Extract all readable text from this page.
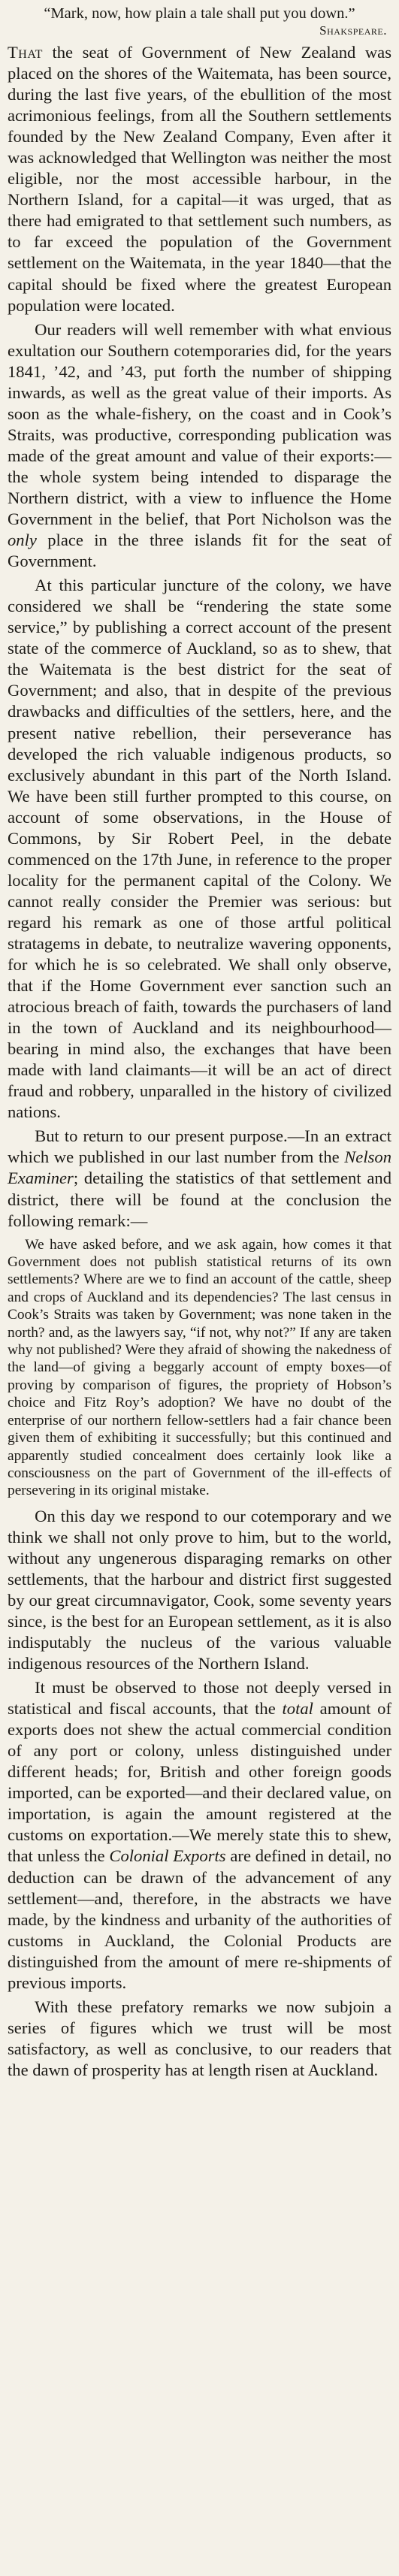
“Mark, now, how plain a tale shall put you down.”

Shakspeare.

That the seat of Government of New Zealand was placed on the shores of the Waitemata, has been source, during the last five years, of the ebullition of the most acrimonious feelings, from all the Southern settlements founded by the New Zealand Company, Even after it was acknowledged that Wellington was neither the most eligible, nor the most accessible harbour, in the Northern Island, for a capital—it was urged, that as there had emigrated to that settlement such numbers, as to far exceed the population of the Government settlement on the Waitemata, in the year 1840—that the capital should be fixed where the greatest European population were located.

Our readers will well remember with what envious exultation our Southern cotemporaries did, for the years 1841, ’42, and ’43, put forth the number of shipping inwards, as well as the great value of their imports. As soon as the whale-fishery, on the coast and in Cook’s Straits, was productive, corresponding publication was made of the great amount and value of their exports:—the whole system being intended to disparage the Northern district, with a view to influence the Home Government in the belief, that Port Nicholson was the only place in the three islands fit for the seat of Government.

At this particular juncture of the colony, we have considered we shall be “rendering the state some service,” by publishing a correct account of the present state of the commerce of Auckland, so as to shew, that the Waitemata is the best district for the seat of Government; and also, that in despite of the previous drawbacks and difficulties of the settlers, here, and the present native rebellion, their perseverance has developed the rich valuable indigenous products, so exclusively abundant in this part of the North Island. We have been still further prompted to this course, on account of some observations, in the House of Commons, by Sir Robert Peel, in the debate commenced on the 17th June, in reference to the proper locality for the permanent capital of the Colony. We cannot really consider the Premier was serious: but regard his remark as one of those artful political stratagems in debate, to neutralize wavering opponents, for which he is so celebrated. We shall only observe, that if the Home Government ever sanction such an atrocious breach of faith, towards the purchasers of land in the town of Auckland and its neighbourhood—bearing in mind also, the exchanges that have been made with land claimants—it will be an act of direct fraud and robbery, unparalled in the history of civilized nations.

But to return to our present purpose.—In an extract which we published in our last number from the Nelson Examiner; detailing the statistics of that settlement and district, there will be found at the conclusion the following remark:—

We have asked before, and we ask again, how comes it that Government does not publish statistical returns of its own settlements? Where are we to find an account of the cattle, sheep and crops of Auckland and its dependencies? The last census in Cook’s Straits was taken by Government; was none taken in the north? and, as the lawyers say, “if not, why not?” If any are taken why not published? Were they afraid of showing the nakedness of the land—of giving a beggarly account of empty boxes—of proving by comparison of figures, the propriety of Hobson’s choice and Fitz Roy’s adoption? We have no doubt of the enterprise of our northern fellow-settlers had a fair chance been given them of exhibiting it successfully; but this continued and apparently studied concealment does certainly look like a consciousness on the part of Government of the ill-effects of persevering in its original mistake.

On this day we respond to our cotemporary and we think we shall not only prove to him, but to the world, without any ungenerous disparaging remarks on other settlements, that the harbour and district first suggested by our great circumnavigator, Cook, some seventy years since, is the best for an European settlement, as it is also indisputably the nucleus of the various valuable indigenous resources of the Northern Island.

It must be observed to those not deeply versed in statistical and fiscal accounts, that the total amount of exports does not shew the actual commercial condition of any port or colony, unless distinguished under different heads; for, British and other foreign goods imported, can be exported—and their declared value, on importation, is again the amount registered at the customs on exportation.—We merely state this to shew, that unless the Colonial Exports are defined in detail, no deduction can be drawn of the advancement of any settlement—and, therefore, in the abstracts we have made, by the kindness and urbanity of the authorities of customs in Auckland, the Colonial Products are distinguished from the amount of mere re-shipments of previous imports.

With these prefatory remarks we now subjoin a series of figures which we trust will be most satisfactory, as well as conclusive, to our readers that the dawn of prosperity has at length risen at Auckland.
